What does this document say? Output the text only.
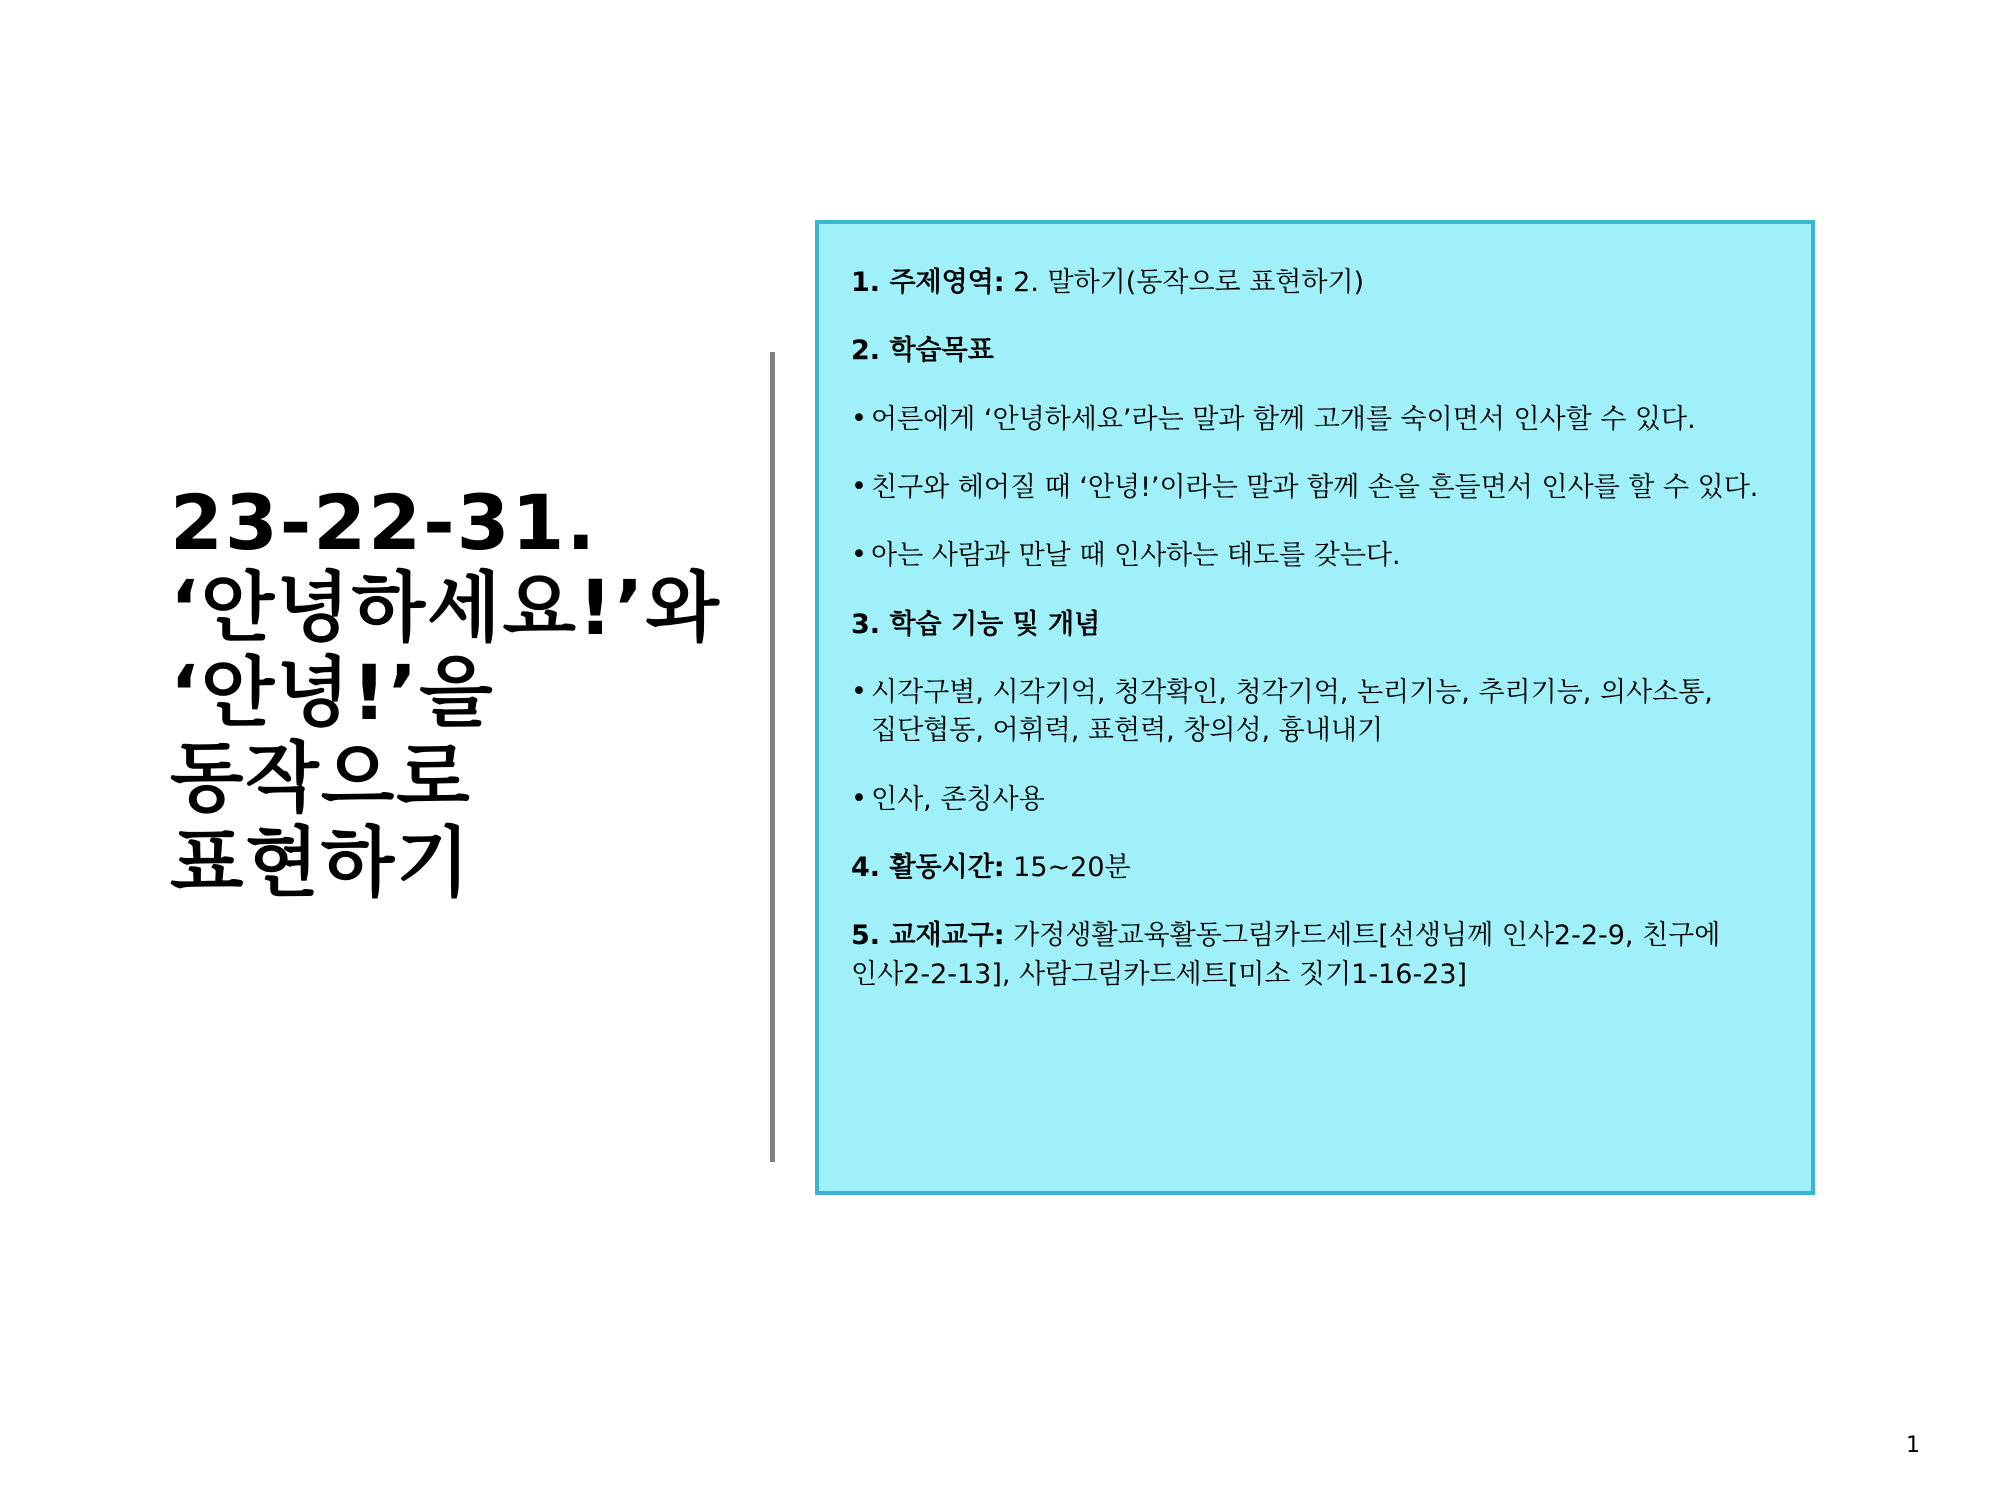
23-22-31. ‘안녕하세요!’와 ‘안녕!’을 동작으로 표현하기

1. 주제영역: 2. 말하기(동작으로 표현하기)

2. 학습목표

• 어른에게 ‘안녕하세요’라는 말과 함께 고개를 숙이면서 인사할 수 있다.

• 친구와 헤어질 때 ‘안녕!’이라는 말과 함께 손을 흔들면서 인사를 할 수 있다.

• 아는 사람과 만날 때 인사하는 태도를 갖는다.

3. 학습 기능 및 개념

• 시각구별, 시각기억, 청각확인, 청각기억, 논리기능, 추리기능, 의사소통, 집단협동, 어휘력, 표현력, 창의성, 흉내내기

• 인사, 존칭사용

4. 활동시간: 15~20분

5. 교재교구: 가정생활교육활동그림카드세트[선생님께 인사2-2-9, 친구에 인사2-2-13], 사람그림카드세트[미소 짓기1-16-23]

1
